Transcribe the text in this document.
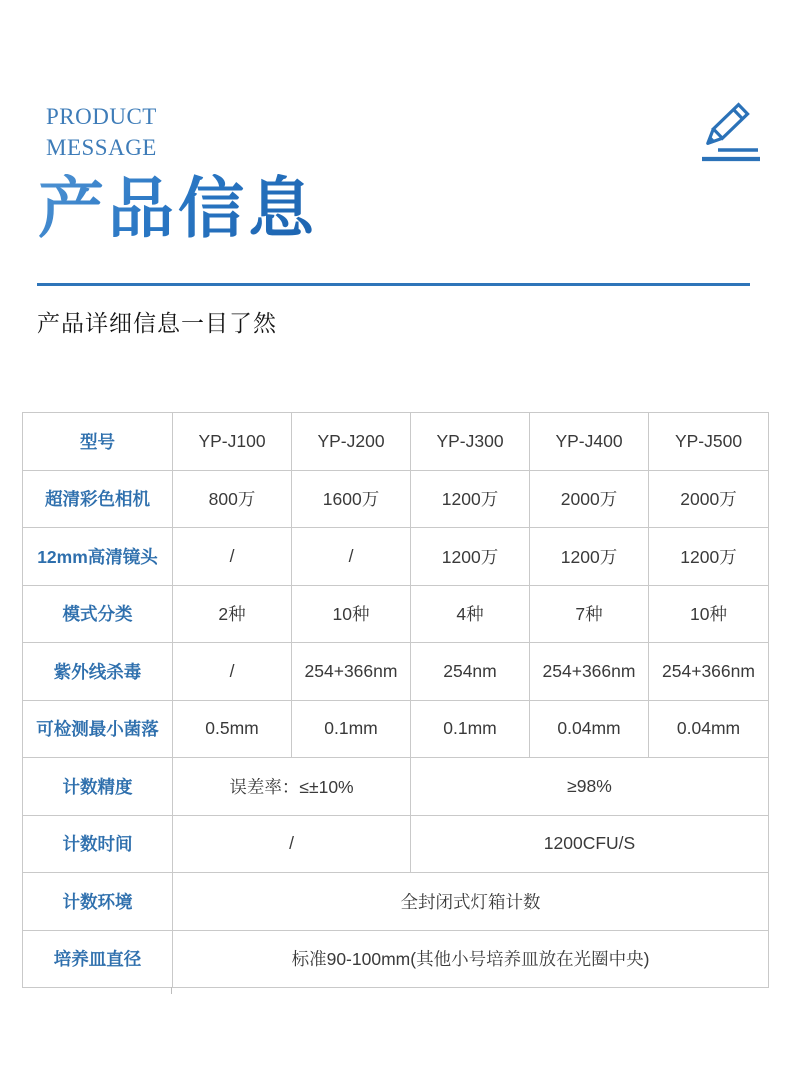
PRODUCT
MESSAGE
产品信息

产品详细信息一目了然

型号	YP-J100	YP-J200	YP-J300	YP-J400	YP-J500
超清彩色相机	800万	1600万	1200万	2000万	2000万
12mm高清镜头	/	/	1200万	1200万	1200万
模式分类	2种	10种	4种	7种	10种
紫外线杀毒	/	254+366nm	254nm	254+366nm	254+366nm
可检测最小菌落	0.5mm	0.1mm	0.1mm	0.04mm	0.04mm
计数精度	误差率：≤±10%		≥98%		
计数时间	/		1200CFU/S		
计数环境	全封闭式灯箱计数				
培养皿直径	标准90-100mm(其他小号培养皿放在光圈中央)				
